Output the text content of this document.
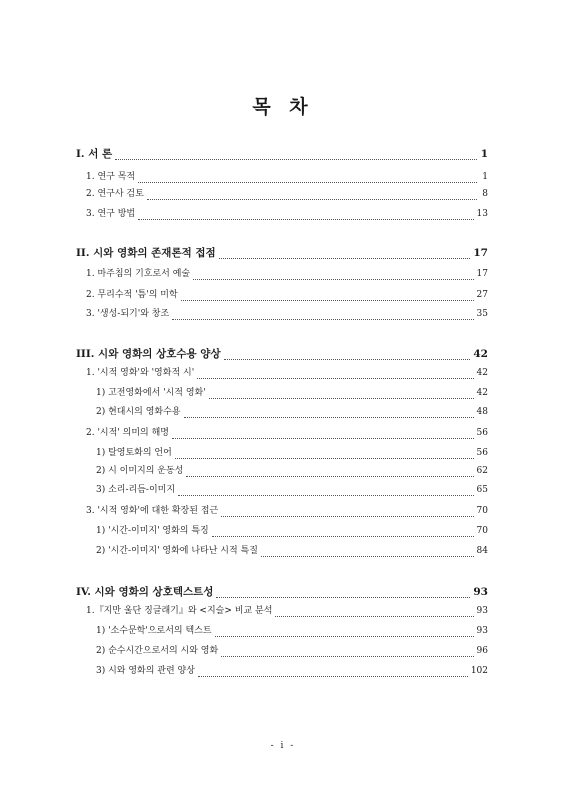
목 차
I. 서 론	1
1. 연구 목적	1
2. 연구사 검토	8
3. 연구 방법	13
II. 시와 영화의 존재론적 접점	17
1. 마주침의 기호로서 예술	17
2. 무리수적 '틈'의 미학	27
3. '생성-되기'와 창조	35
III. 시와 영화의 상호수용 양상	42
1. '시적 영화'와 '영화적 시'	42
1) 고전영화에서 '시적 영화'	42
2) 현대시의 영화수용	48
2. '시적' 의미의 해명	56
1) 탈영토화의 언어	56
2) 시 이미지의 운동성	62
3) 소리-리듬-이미지	65
3. '시적 영화'에 대한 확장된 접근	70
1) '시간-이미지' 영화의 특징	70
2) '시간-이미지' 영화에 나타난 시적 특질	84
IV. 시와 영화의 상호텍스트성	93
1.『지만 울단 징글래기』와 <지슬> 비교 분석	93
1) '소수문학'으로서의 텍스트	93
2) 순수시간으로서의 시와 영화	96
3) 시와 영화의 관련 양상	102
- i -
